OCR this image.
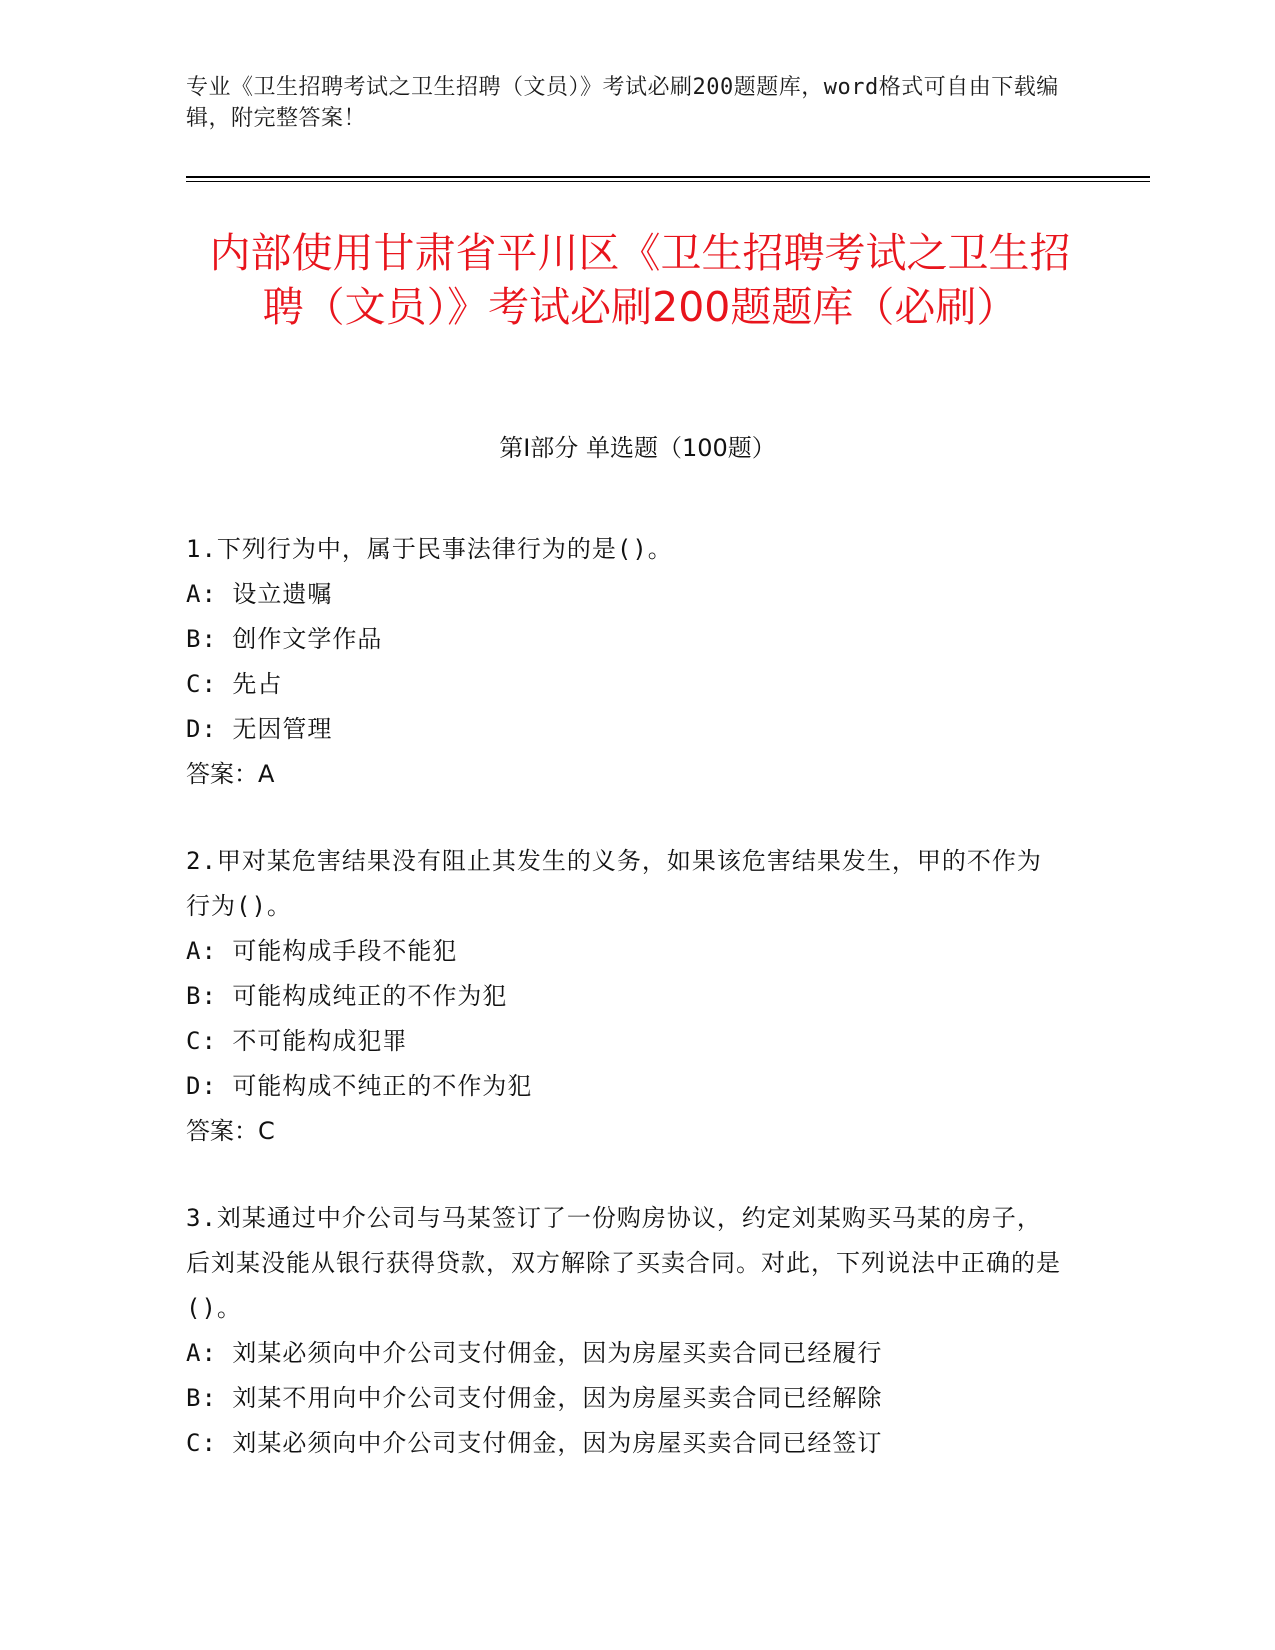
专业《卫生招聘考试之卫生招聘（文员）》考试必刷200题题库，word格式可自由下载编辑，附完整答案！
内部使用甘肃省平川区《卫生招聘考试之卫生招聘（文员）》考试必刷200题题库（必刷）
第Ⅰ部分 单选题（100题）
1.下列行为中，属于民事法律行为的是()。
A: 设立遗嘱
B: 创作文学作品
C: 先占
D: 无因管理
答案：A
2.甲对某危害结果没有阻止其发生的义务，如果该危害结果发生，甲的不作为行为()。
A: 可能构成手段不能犯
B: 可能构成纯正的不作为犯
C: 不可能构成犯罪
D: 可能构成不纯正的不作为犯
答案：C
3.刘某通过中介公司与马某签订了一份购房协议，约定刘某购买马某的房子，后刘某没能从银行获得贷款，双方解除了买卖合同。对此，下列说法中正确的是()。
A: 刘某必须向中介公司支付佣金，因为房屋买卖合同已经履行
B: 刘某不用向中介公司支付佣金，因为房屋买卖合同已经解除
C: 刘某必须向中介公司支付佣金，因为房屋买卖合同已经签订
